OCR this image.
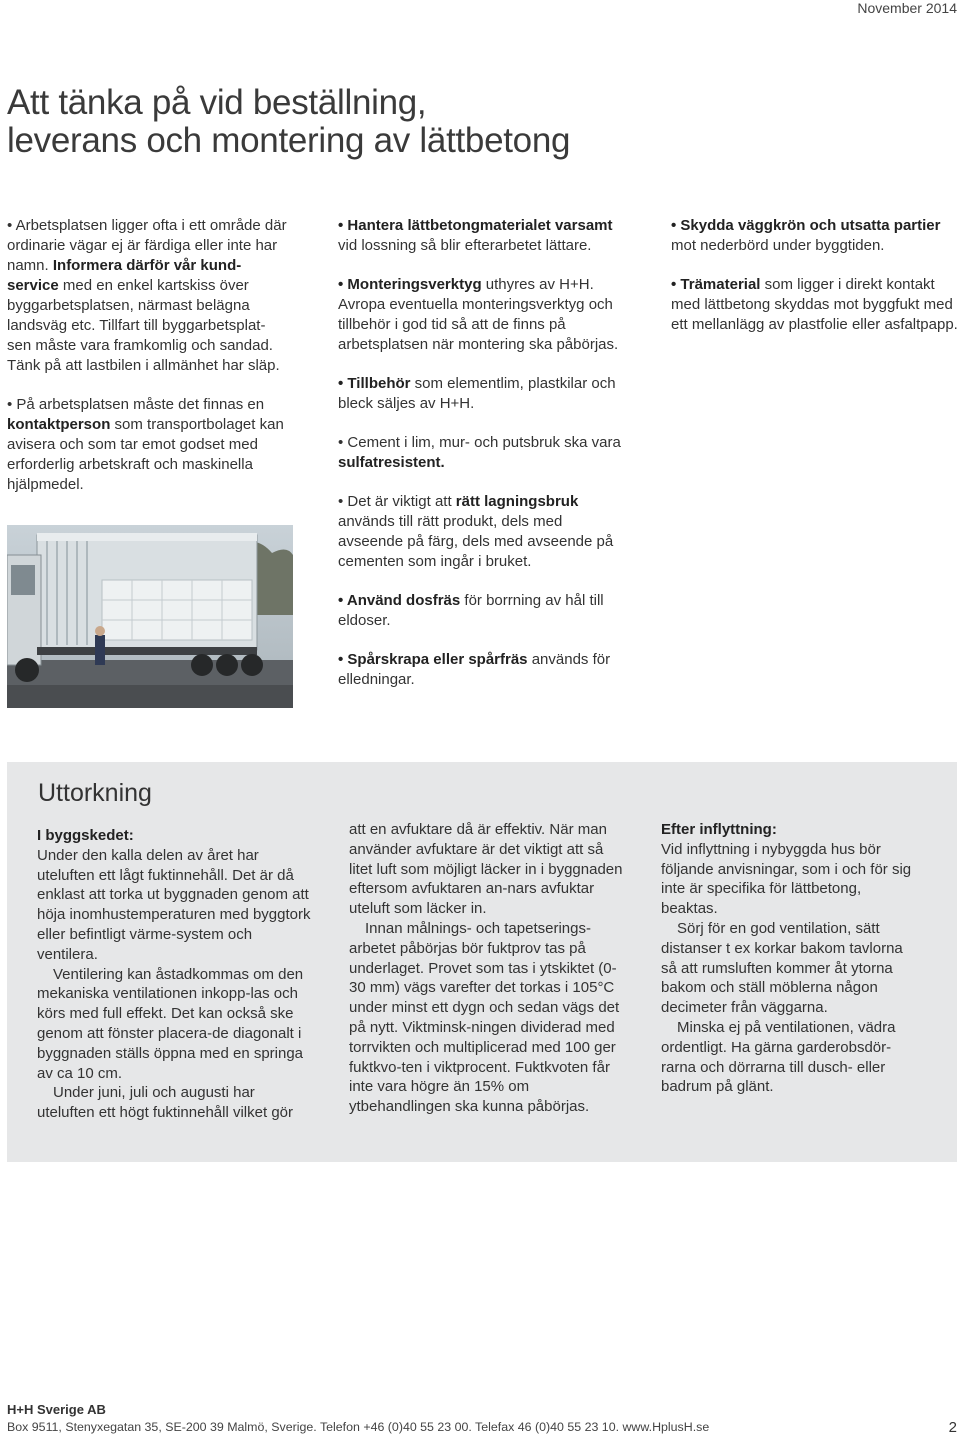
November 2014
Att tänka på vid beställning,
leverans och montering av lättbetong

• Arbetsplatsen ligger ofta i ett område där ordinarie vägar ej är färdiga eller inte har namn. Informera därför vår kund-service med en enkel kartskiss över byggarbetsplatsen, närmast belägna landsväg etc. Tillfart till byggarbetsplat-sen måste vara framkomlig och sandad. Tänk på att lastbilen i allmänhet har släp.

• På arbetsplatsen måste det finnas en kontaktperson som transportbolaget kan avisera och som tar emot godset med erforderlig arbetskraft och maskinella hjälpmedel.

• Hantera lättbetongmaterialet varsamt vid lossning så blir efterarbetet lättare.

• Monteringsverktyg uthyres av H+H. Avropa eventuella monteringsverktyg och tillbehör i god tid så att de finns på arbetsplatsen när montering ska påbörjas.

• Tillbehör som elementlim, plastkilar och bleck säljes av H+H.

• Cement i lim, mur- och putsbruk ska vara sulfatresistent.

• Det är viktigt att rätt lagningsbruk används till rätt produkt, dels med avseende på färg, dels med avseende på cementen som ingår i bruket.

• Använd dosfräs för borrning av hål till eldoser.

• Spårskrapa eller spårfräs används för elledningar.

• Skydda väggkrön och utsatta partier mot nederbörd under byggtiden.

• Trämaterial som ligger i direkt kontakt med lättbetong skyddas mot byggfukt med ett mellanlägg av plastfolie eller asfaltpapp.

Uttorkning

I byggskedet:

Under den kalla delen av året har uteluften ett lågt fuktinnehåll. Det är då enklast att torka ut byggnaden genom att höja inomhustemperaturen med byggtork eller befintligt värme-system och ventilera.

Ventilering kan åstadkommas om den mekaniska ventilationen inkopp-las och körs med full effekt. Det kan också ske genom att fönster placera-de diagonalt i byggnaden ställs öppna med en springa av ca 10 cm.

Under juni, juli och augusti har uteluften ett högt fuktinnehåll vilket gör

att en avfuktare då är effektiv. När man använder avfuktare är det viktigt att så litet luft som möjligt läcker in i byggnaden eftersom avfuktaren an-nars avfuktar uteluft som läcker in.

Innan målnings- och tapetserings-arbetet påbörjas bör fuktprov tas på underlaget. Provet som tas i ytskiktet (0-30 mm) vägs varefter det torkas i 105°C under minst ett dygn och sedan vägs det på nytt. Viktminsk-ningen dividerad med torrvikten och multiplicerad med 100 ger fuktkvo-ten i viktprocent. Fuktkvoten får inte vara högre än 15% om ytbehandlingen ska kunna påbörjas.

Efter inflyttning:

Vid inflyttning i nybyggda hus bör följande anvisningar, som i och för sig inte är specifika för lättbetong, beaktas.

Sörj för en god ventilation, sätt distanser t ex korkar bakom tavlorna så att rumsluften kommer åt ytorna bakom och ställ möblerna någon decimeter från väggarna.

Minska ej på ventilationen, vädra ordentligt. Ha gärna garderobsdör-rarna och dörrarna till dusch- eller badrum på glänt.

H+H Sverige AB
Box 9511, Stenyxegatan 35, SE-200 39 Malmö, Sverige. Telefon +46 (0)40 55 23 00. Telefax 46 (0)40 55 23 10. www.HplusH.se	2
